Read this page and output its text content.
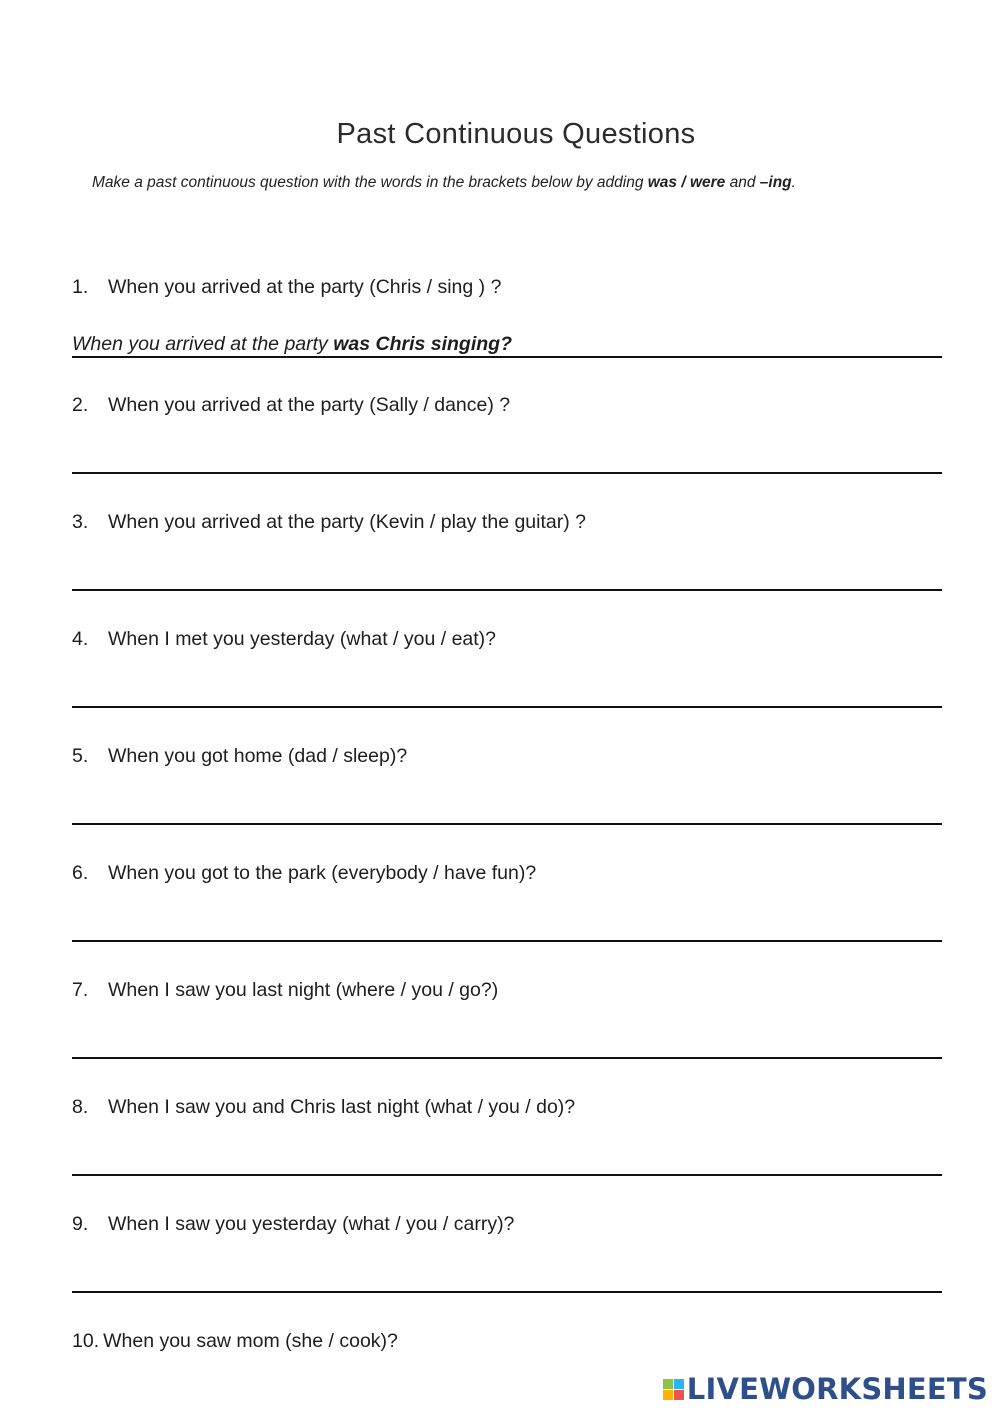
Past Continuous Questions
Make a past continuous question with the words in the brackets below by adding was / were and –ing.
1. When you arrived at the party (Chris / sing ) ?
When you arrived at the party was Chris singing?
2. When you arrived at the party (Sally / dance) ?
3. When you arrived at the party (Kevin / play the guitar) ?
4. When I met you yesterday (what / you / eat)?
5. When you got home (dad / sleep)?
6. When you got to the park (everybody / have fun)?
7. When I saw you last night (where / you / go?)
8. When I saw you and Chris last night (what / you / do)?
9. When I saw you yesterday (what / you / carry)?
10. When you saw mom (she / cook)?
LIVEWORKSHEETS
